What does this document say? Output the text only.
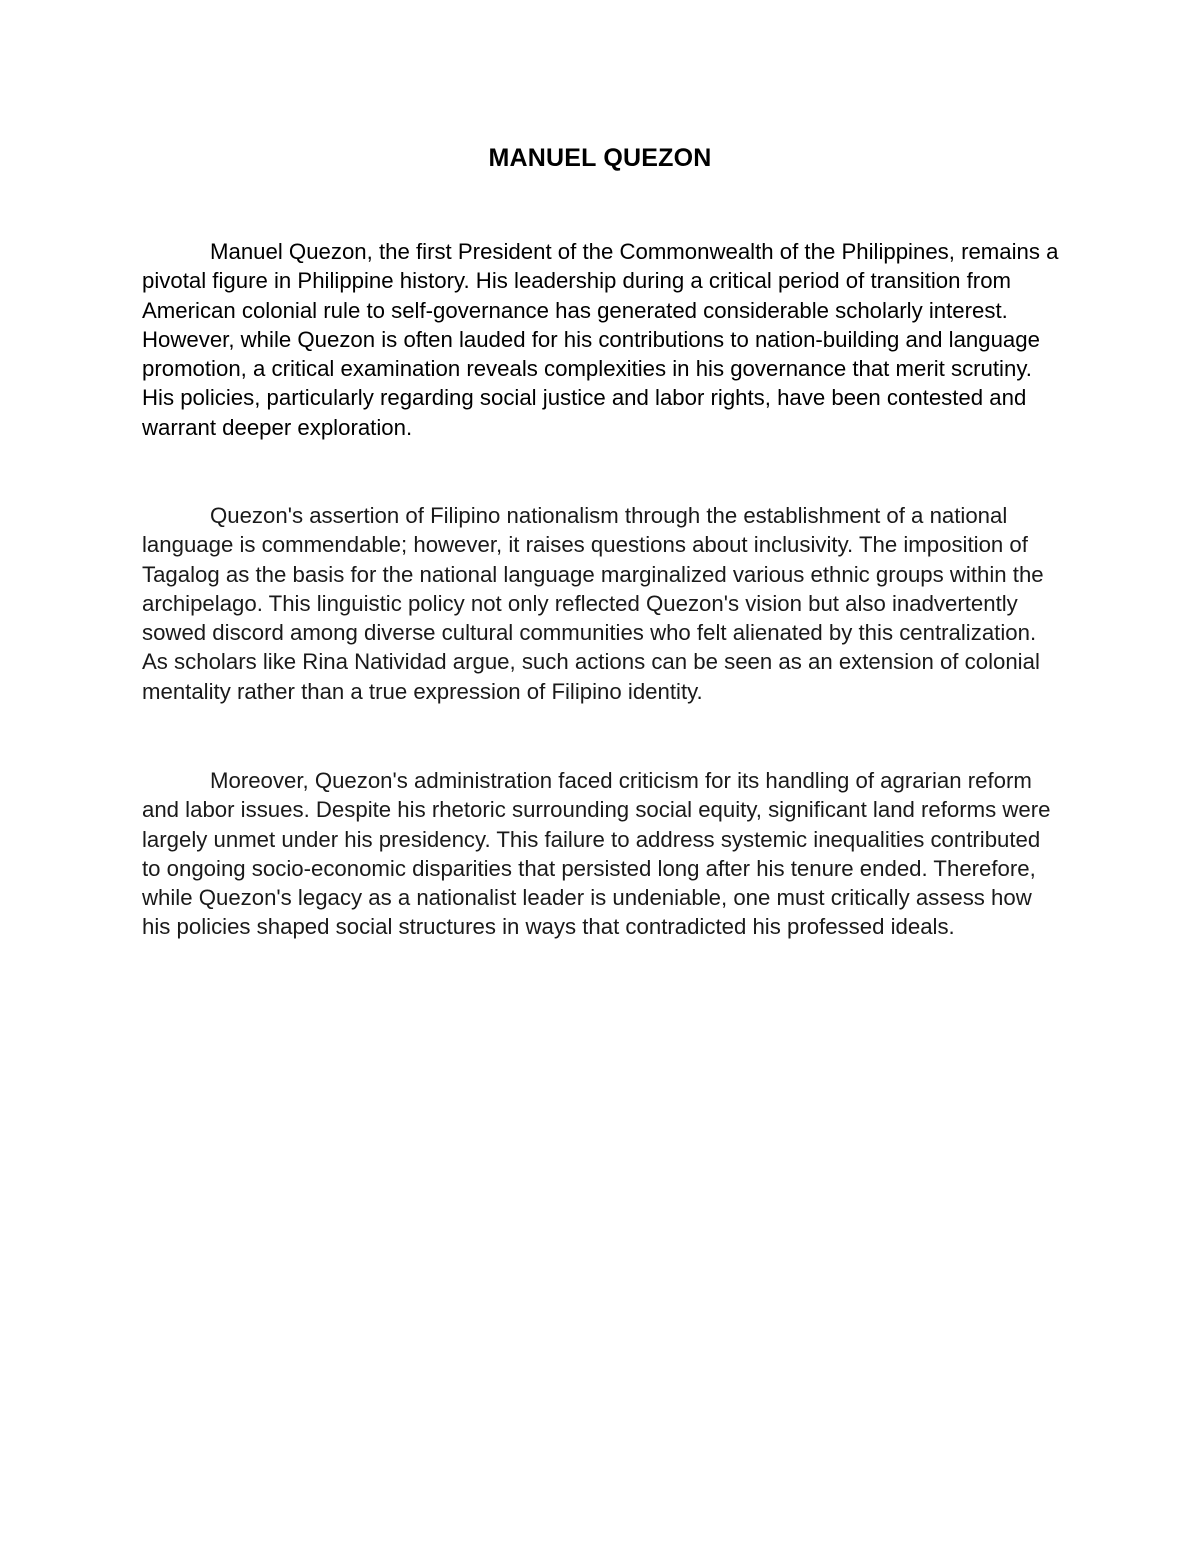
MANUEL QUEZON

Manuel Quezon, the first President of the Commonwealth of the Philippines, remains a pivotal figure in Philippine history. His leadership during a critical period of transition from American colonial rule to self-governance has generated considerable scholarly interest. However, while Quezon is often lauded for his contributions to nation-building and language promotion, a critical examination reveals complexities in his governance that merit scrutiny. His policies, particularly regarding social justice and labor rights, have been contested and warrant deeper exploration.

Quezon's assertion of Filipino nationalism through the establishment of a national language is commendable; however, it raises questions about inclusivity. The imposition of Tagalog as the basis for the national language marginalized various ethnic groups within the archipelago. This linguistic policy not only reflected Quezon's vision but also inadvertently sowed discord among diverse cultural communities who felt alienated by this centralization. As scholars like Rina Natividad argue, such actions can be seen as an extension of colonial mentality rather than a true expression of Filipino identity.

Moreover, Quezon's administration faced criticism for its handling of agrarian reform and labor issues. Despite his rhetoric surrounding social equity, significant land reforms were largely unmet under his presidency. This failure to address systemic inequalities contributed to ongoing socio-economic disparities that persisted long after his tenure ended. Therefore, while Quezon's legacy as a nationalist leader is undeniable, one must critically assess how his policies shaped social structures in ways that contradicted his professed ideals.
